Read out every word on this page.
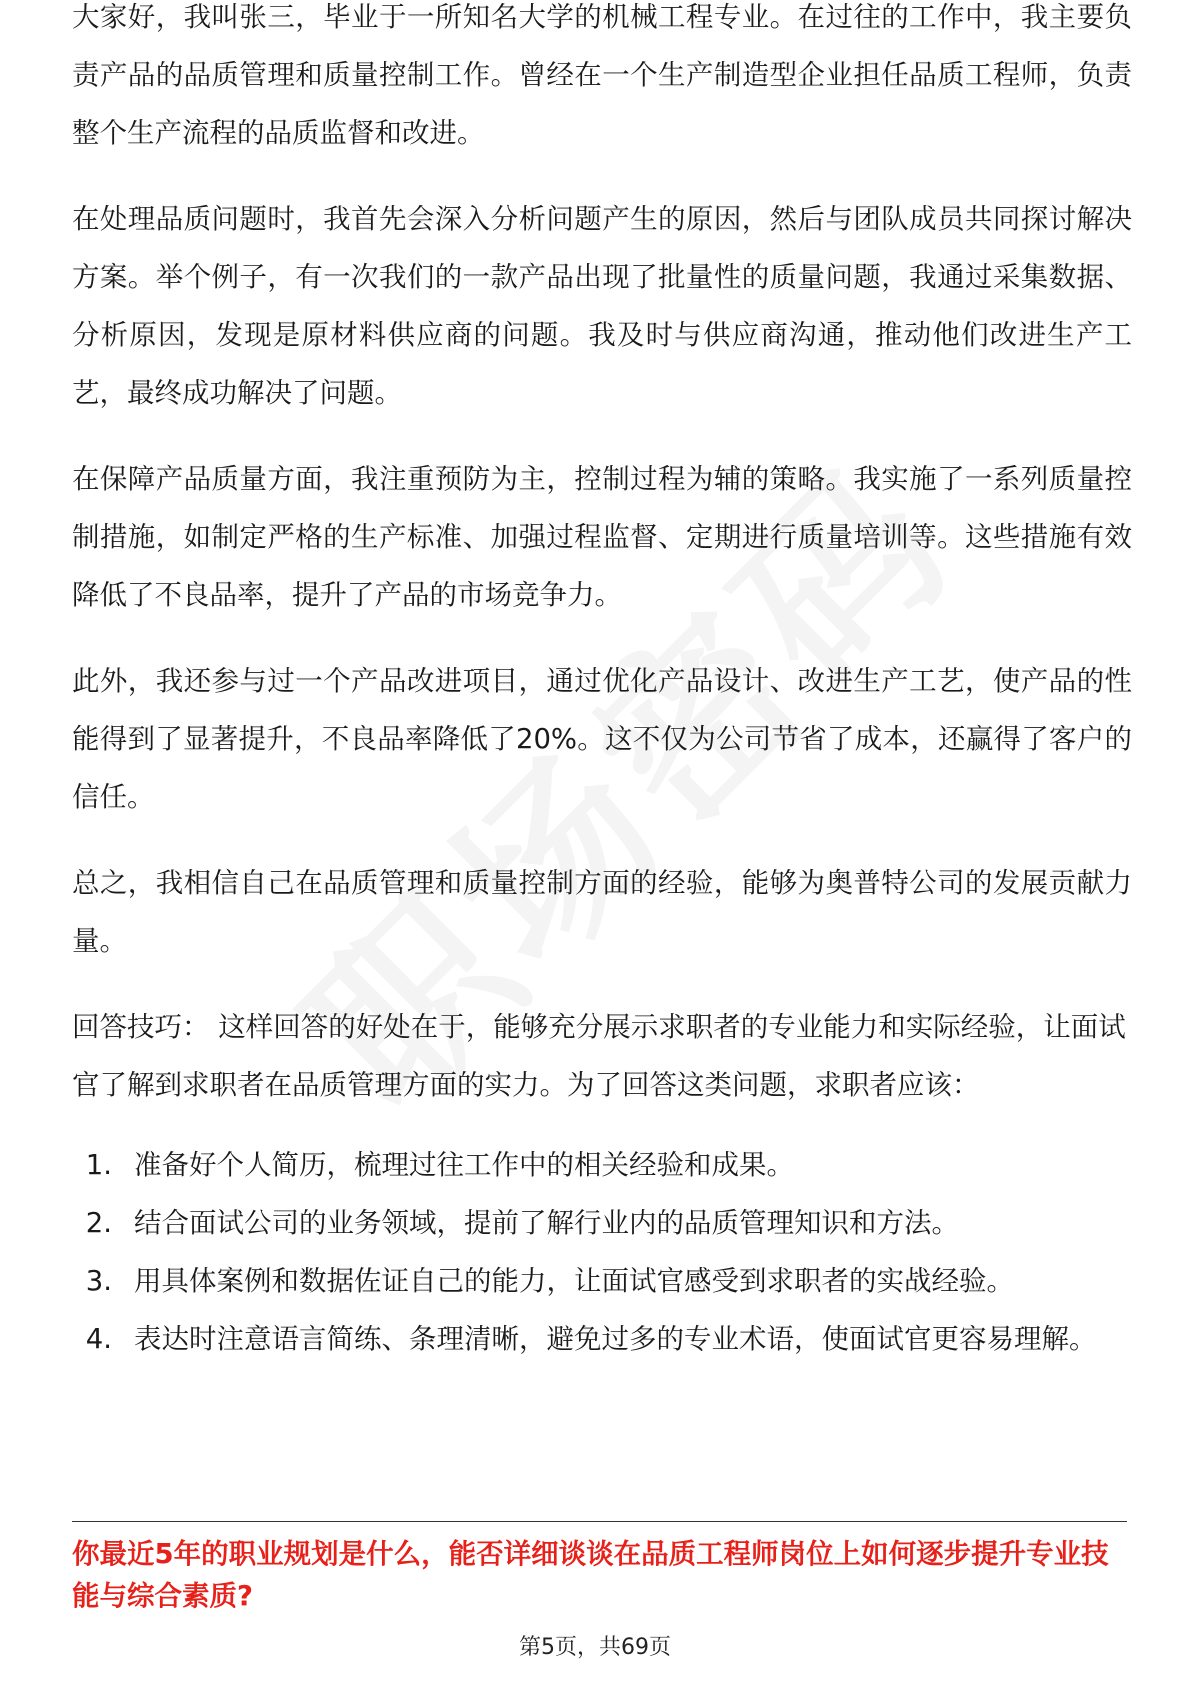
大家好，我叫张三，毕业于一所知名大学的机械工程专业。在过往的工作中，我主要负责产品的品质管理和质量控制工作。曾经在一个生产制造型企业担任品质工程师，负责整个生产流程的品质监督和改进。

在处理品质问题时，我首先会深入分析问题产生的原因，然后与团队成员共同探讨解决方案。举个例子，有一次我们的一款产品出现了批量性的质量问题，我通过采集数据、分析原因，发现是原材料供应商的问题。我及时与供应商沟通，推动他们改进生产工艺，最终成功解决了问题。

在保障产品质量方面，我注重预防为主，控制过程为辅的策略。我实施了一系列质量控制措施，如制定严格的生产标准、加强过程监督、定期进行质量培训等。这些措施有效降低了不良品率，提升了产品的市场竞争力。

此外，我还参与过一个产品改进项目，通过优化产品设计、改进生产工艺，使产品的性能得到了显著提升，不良品率降低了20%。这不仅为公司节省了成本，还赢得了客户的信任。

总之，我相信自己在品质管理和质量控制方面的经验，能够为奥普特公司的发展贡献力量。

回答技巧： 这样回答的好处在于，能够充分展示求职者的专业能力和实际经验，让面试官了解到求职者在品质管理方面的实力。为了回答这类问题，求职者应该：

1. 准备好个人简历，梳理过往工作中的相关经验和成果。
2. 结合面试公司的业务领域，提前了解行业内的品质管理知识和方法。
3. 用具体案例和数据佐证自己的能力，让面试官感受到求职者的实战经验。
4. 表达时注意语言简练、条理清晰，避免过多的专业术语，使面试官更容易理解。
你最近5年的职业规划是什么，能否详细谈谈在品质工程师岗位上如何逐步提升专业技能与综合素质?
第5页，共69页
